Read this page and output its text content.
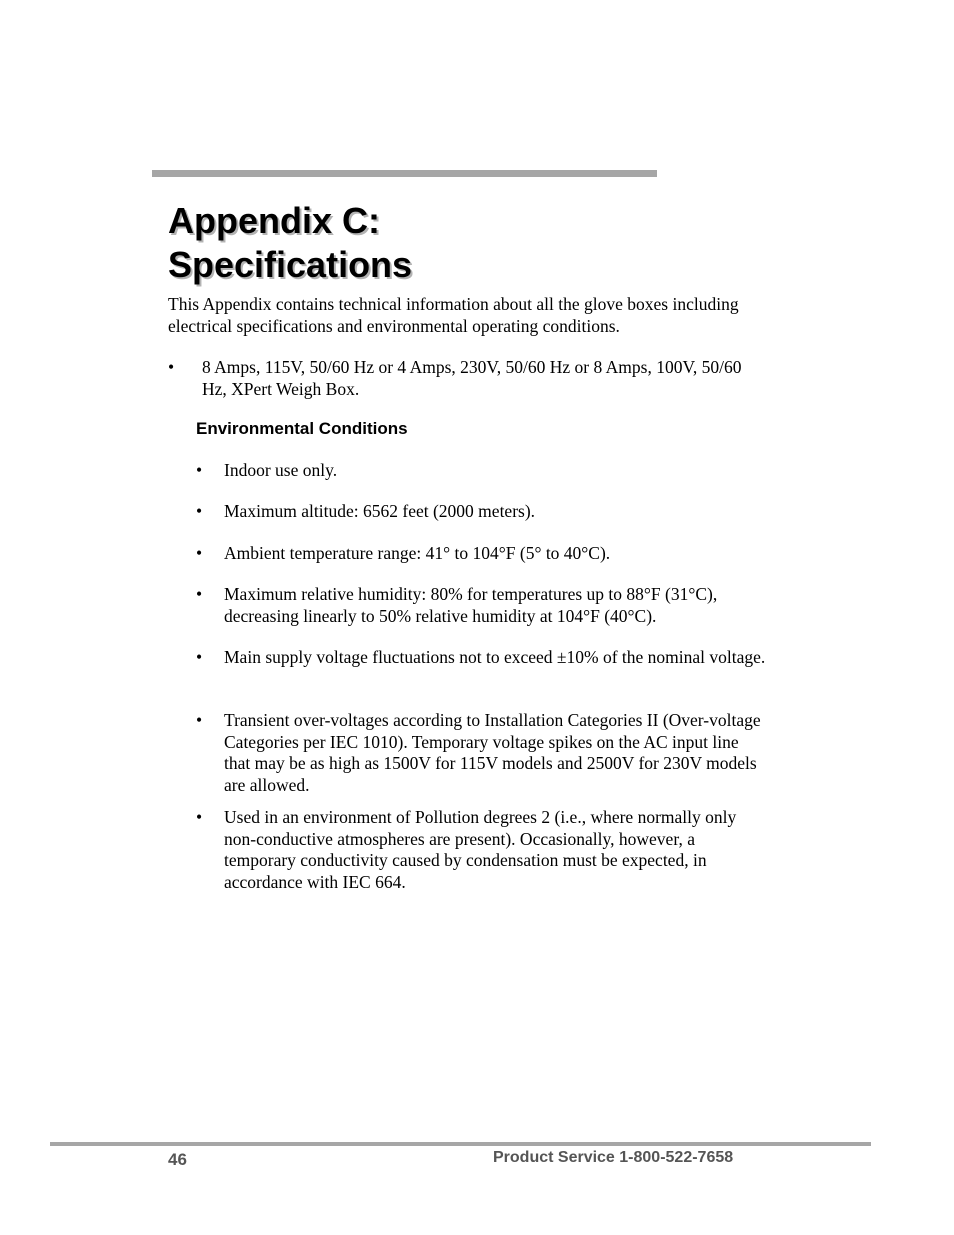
Appendix C:
Specifications

This Appendix contains technical information about all the glove boxes including electrical specifications and environmental operating conditions.

• 8 Amps, 115V, 50/60 Hz or 4 Amps, 230V, 50/60 Hz or 8 Amps, 100V, 50/60 Hz, XPert Weigh Box.
Environmental Conditions
• Indoor use only.
• Maximum altitude: 6562 feet (2000 meters).
• Ambient temperature range: 41° to 104°F (5° to 40°C).
• Maximum relative humidity: 80% for temperatures up to 88°F (31°C), decreasing linearly to 50% relative humidity at 104°F (40°C).
• Main supply voltage fluctuations not to exceed ±10% of the nominal voltage.
• Transient over-voltages according to Installation Categories II (Over-voltage Categories per IEC 1010). Temporary voltage spikes on the AC input line that may be as high as 1500V for 115V models and 2500V for 230V models are allowed.
• Used in an environment of Pollution degrees 2 (i.e., where normally only non-conductive atmospheres are present). Occasionally, however, a temporary conductivity caused by condensation must be expected, in accordance with IEC 664.
46	Product Service 1-800-522-7658
